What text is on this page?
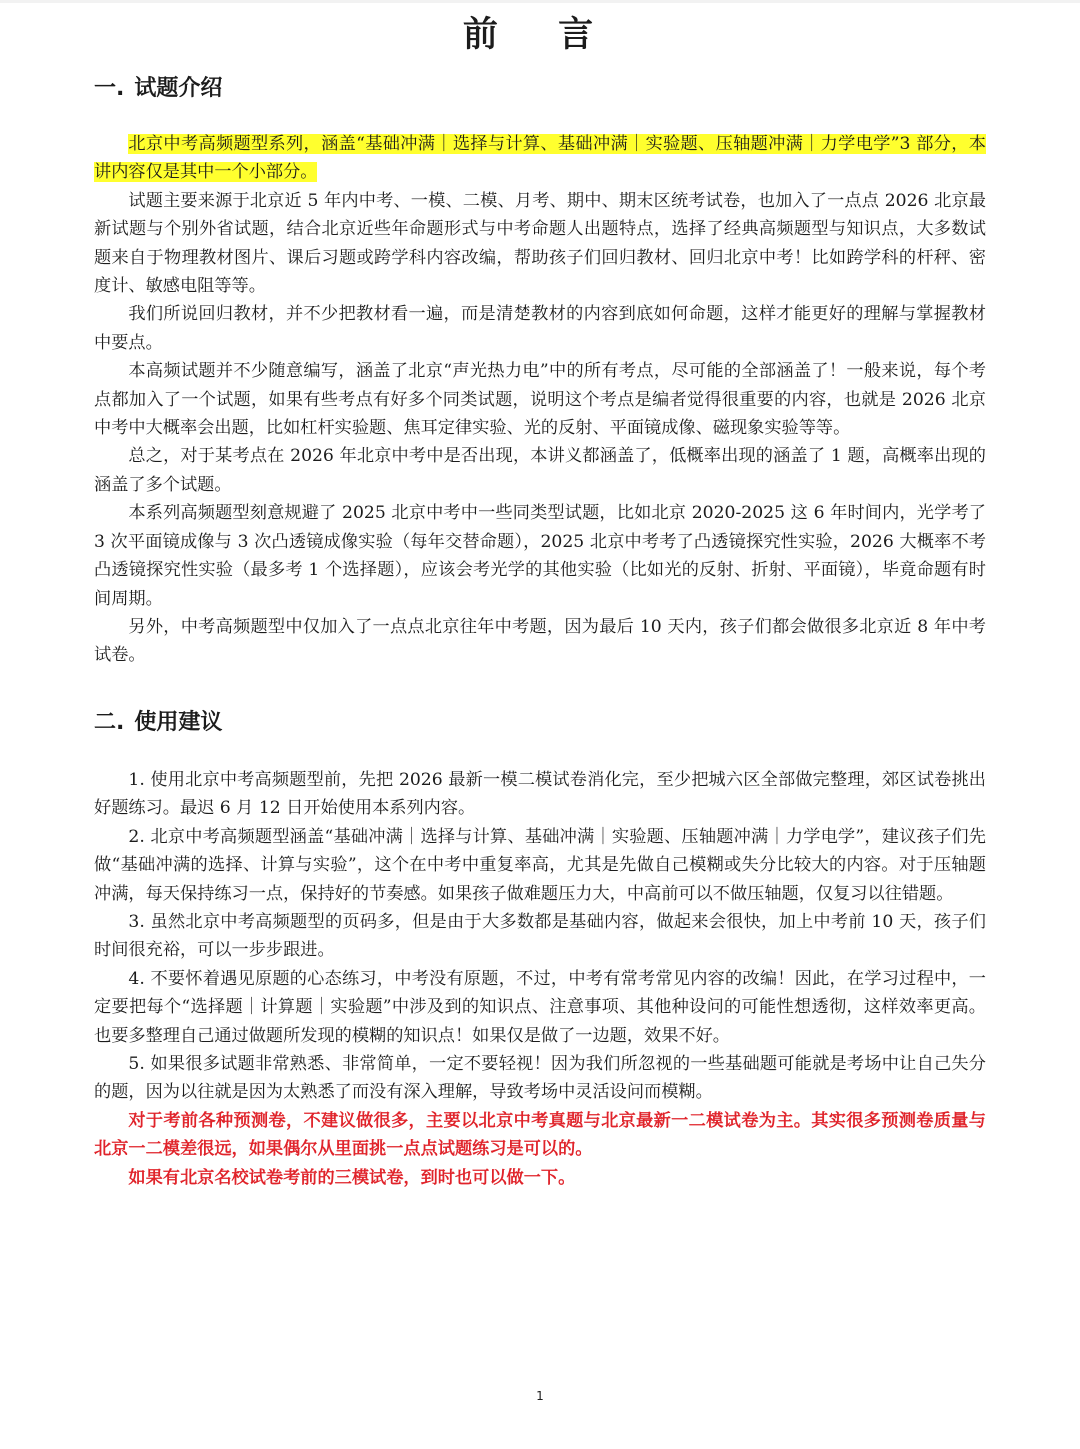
前 言
一. 试题介绍

北京中考高频题型系列，涵盖“基础冲满｜选择与计算、基础冲满｜实验题、压轴题冲满｜力学电学”3 部分，本讲内容仅是其中一个小部分。

试题主要来源于北京近 5 年内中考、一模、二模、月考、期中、期末区统考试卷，也加入了一点点 2026 北京最新试题与个别外省试题，结合北京近些年命题形式与中考命题人出题特点，选择了经典高频题型与知识点，大多数试题来自于物理教材图片、课后习题或跨学科内容改编，帮助孩子们回归教材、回归北京中考！比如跨学科的杆秤、密度计、敏感电阻等等。

我们所说回归教材，并不少把教材看一遍，而是清楚教材的内容到底如何命题，这样才能更好的理解与掌握教材中要点。

本高频试题并不少随意编写，涵盖了北京“声光热力电”中的所有考点，尽可能的全部涵盖了！一般来说，每个考点都加入了一个试题，如果有些考点有好多个同类试题，说明这个考点是编者觉得很重要的内容，也就是 2026 北京中考中大概率会出题，比如杠杆实验题、焦耳定律实验、光的反射、平面镜成像、磁现象实验等等。

总之，对于某考点在 2026 年北京中考中是否出现，本讲义都涵盖了，低概率出现的涵盖了 1 题，高概率出现的涵盖了多个试题。

本系列高频题型刻意规避了 2025 北京中考中一些同类型试题，比如北京 2020-2025 这 6 年时间内，光学考了 3 次平面镜成像与 3 次凸透镜成像实验（每年交替命题），2025 北京中考考了凸透镜探究性实验，2026 大概率不考凸透镜探究性实验（最多考 1 个选择题），应该会考光学的其他实验（比如光的反射、折射、平面镜），毕竟命题有时间周期。

另外，中考高频题型中仅加入了一点点北京往年中考题，因为最后 10 天内，孩子们都会做很多北京近 8 年中考试卷。

二. 使用建议

1. 使用北京中考高频题型前，先把 2026 最新一模二模试卷消化完，至少把城六区全部做完整理，郊区试卷挑出好题练习。最迟 6 月 12 日开始使用本系列内容。

2. 北京中考高频题型涵盖“基础冲满｜选择与计算、基础冲满｜实验题、压轴题冲满｜力学电学”，建议孩子们先做“基础冲满的选择、计算与实验”，这个在中考中重复率高，尤其是先做自己模糊或失分比较大的内容。对于压轴题冲满，每天保持练习一点，保持好的节奏感。如果孩子做难题压力大，中高前可以不做压轴题，仅复习以往错题。

3. 虽然北京中考高频题型的页码多，但是由于大多数都是基础内容，做起来会很快，加上中考前 10 天，孩子们时间很充裕，可以一步步跟进。

4. 不要怀着遇见原题的心态练习，中考没有原题，不过，中考有常考常见内容的改编！因此，在学习过程中，一定要把每个“选择题｜计算题｜实验题”中涉及到的知识点、注意事项、其他种设问的可能性想透彻，这样效率更高。也要多整理自己通过做题所发现的模糊的知识点！如果仅是做了一边题，效果不好。

5. 如果很多试题非常熟悉、非常简单，一定不要轻视！因为我们所忽视的一些基础题可能就是考场中让自己失分的题，因为以往就是因为太熟悉了而没有深入理解，导致考场中灵活设问而模糊。

对于考前各种预测卷，不建议做很多，主要以北京中考真题与北京最新一二模试卷为主。其实很多预测卷质量与北京一二模差很远，如果偶尔从里面挑一点点试题练习是可以的。

如果有北京名校试卷考前的三模试卷，到时也可以做一下。

1
